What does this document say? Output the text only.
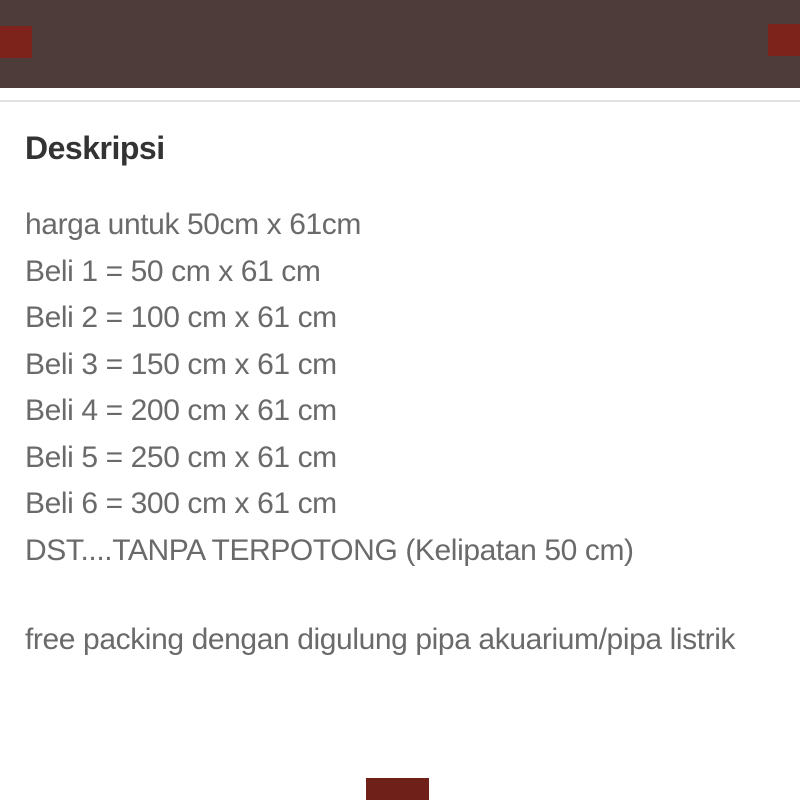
Deskripsi
harga untuk 50cm x 61cm
Beli 1 = 50 cm x 61 cm
Beli 2 = 100 cm x 61 cm
Beli 3 = 150 cm x 61 cm
Beli 4 = 200 cm x 61 cm
Beli 5 = 250 cm x 61 cm
Beli 6 = 300 cm x 61 cm
DST....TANPA TERPOTONG (Kelipatan 50 cm)
free packing dengan digulung pipa akuarium/pipa listrik
